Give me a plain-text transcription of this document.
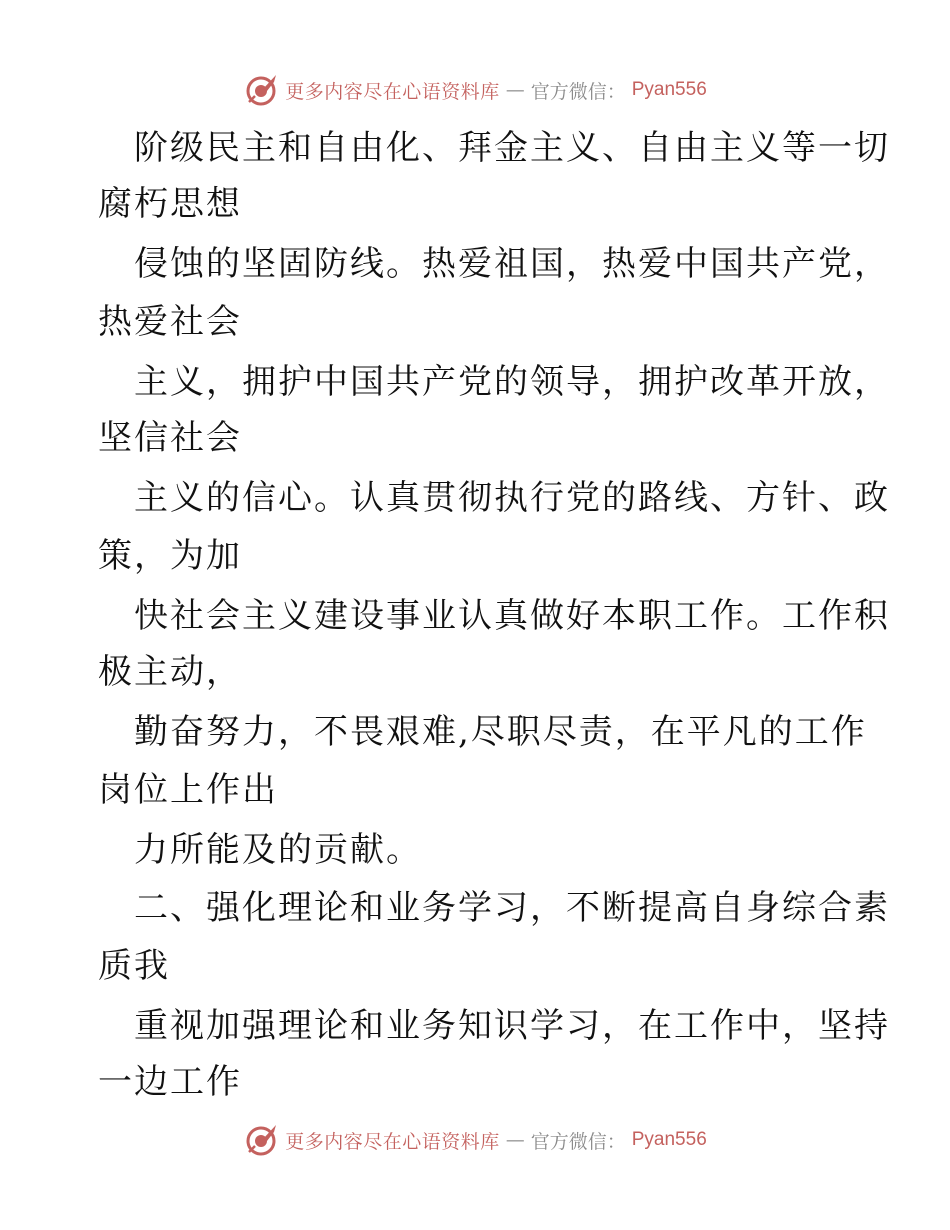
更多内容尽在心语资料库 — 官方微信： Pyan556
阶级民主和自由化、拜金主义、自由主义等一切
腐朽思想
侵蚀的坚固防线。热爱祖国，热爱中国共产党，
热爱社会
主义，拥护中国共产党的领导，拥护改革开放，
坚信社会
主义的信心。认真贯彻执行党的路线、方针、政
策，为加
快社会主义建设事业认真做好本职工作。工作积
极主动，
勤奋努力，不畏艰难,尽职尽责，在平凡的工作
岗位上作出
力所能及的贡献。
二、强化理论和业务学习，不断提高自身综合素
质我
重视加强理论和业务知识学习，在工作中，坚持
一边工作
更多内容尽在心语资料库 — 官方微信： Pyan556
